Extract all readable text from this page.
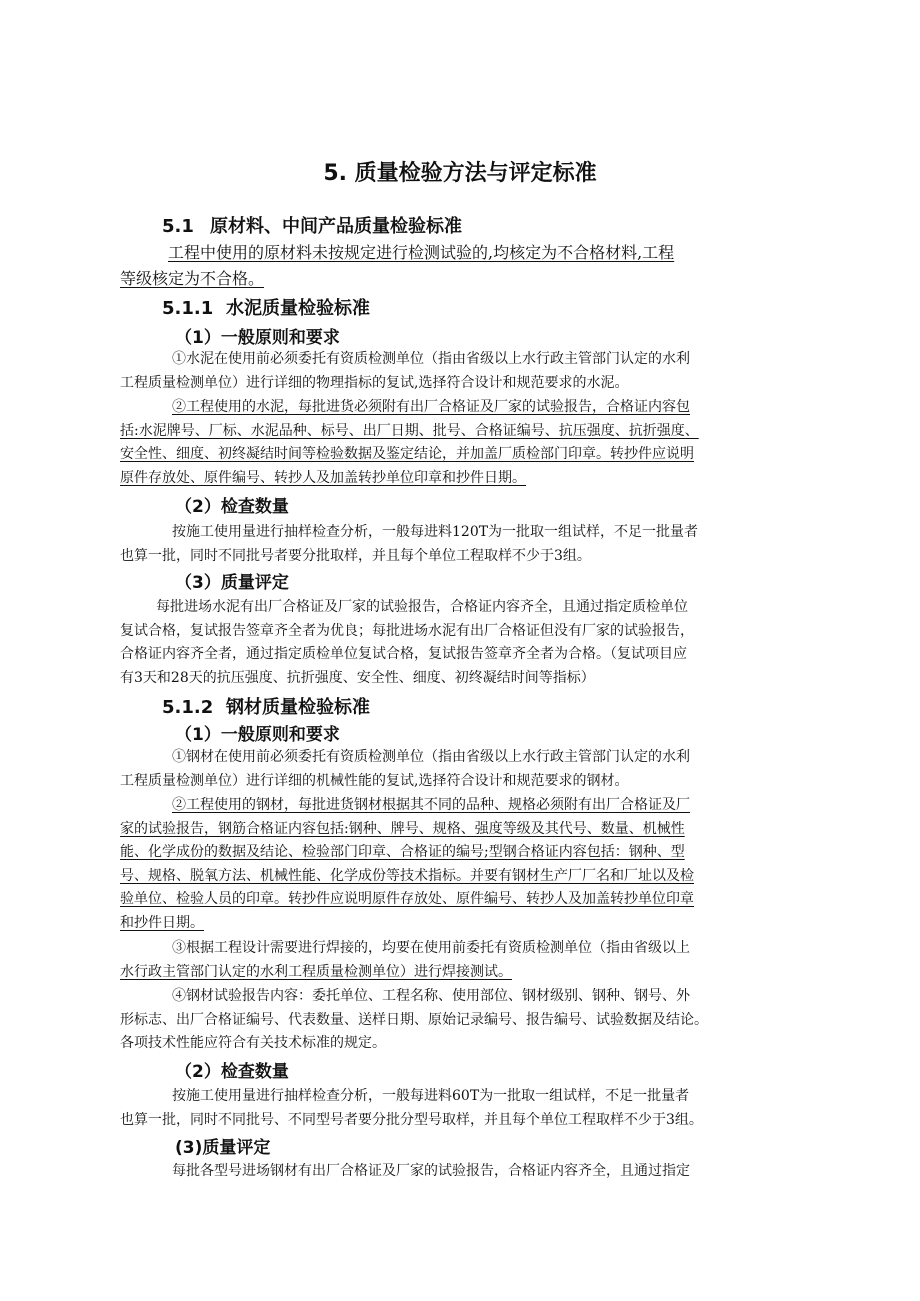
5. 质量检验方法与评定标准
5.1 原材料、中间产品质量检验标准
工程中使用的原材料未按规定进行检测试验的,均核定为不合格材料,工程
等级核定为不合格。
5.1.1 水泥质量检验标准
（1）一般原则和要求
①水泥在使用前必须委托有资质检测单位（指由省级以上水行政主管部门认定的水利
工程质量检测单位）进行详细的物理指标的复试,选择符合设计和规范要求的水泥。
②工程使用的水泥，每批进货必须附有出厂合格证及厂家的试验报告，合格证内容包
括:水泥牌号、厂标、水泥品种、标号、出厂日期、批号、合格证编号、抗压强度、抗折强度、
安全性、细度、初终凝结时间等检验数据及鉴定结论，并加盖厂质检部门印章。转抄件应说明
原件存放处、原件编号、转抄人及加盖转抄单位印章和抄件日期。
（2）检查数量
按施工使用量进行抽样检查分析，一般每进料120T为一批取一组试样，不足一批量者
也算一批，同时不同批号者要分批取样，并且每个单位工程取样不少于3组。
（3）质量评定
每批进场水泥有出厂合格证及厂家的试验报告，合格证内容齐全，且通过指定质检单位
复试合格，复试报告签章齐全者为优良；每批进场水泥有出厂合格证但没有厂家的试验报告，
合格证内容齐全者，通过指定质检单位复试合格，复试报告签章齐全者为合格。（复试项目应
有3天和28天的抗压强度、抗折强度、安全性、细度、初终凝结时间等指标）
5.1.2 钢材质量检验标准
（1）一般原则和要求
①钢材在使用前必须委托有资质检测单位（指由省级以上水行政主管部门认定的水利
工程质量检测单位）进行详细的机械性能的复试,选择符合设计和规范要求的钢材。
②工程使用的钢材，每批进货钢材根据其不同的品种、规格必须附有出厂合格证及厂
家的试验报告，钢筋合格证内容包括:钢种、牌号、规格、强度等级及其代号、数量、机械性
能、化学成份的数据及结论、检验部门印章、合格证的编号;型钢合格证内容包括：钢种、型
号、规格、脱氧方法、机械性能、化学成份等技术指标。并要有钢材生产厂厂名和厂址以及检
验单位、检验人员的印章。转抄件应说明原件存放处、原件编号、转抄人及加盖转抄单位印章
和抄件日期。
③根据工程设计需要进行焊接的，均要在使用前委托有资质检测单位（指由省级以上
水行政主管部门认定的水利工程质量检测单位）进行焊接测试。
④钢材试验报告内容：委托单位、工程名称、使用部位、钢材级别、钢种、钢号、外
形标志、出厂合格证编号、代表数量、送样日期、原始记录编号、报告编号、试验数据及结论。
各项技术性能应符合有关技术标准的规定。
（2）检查数量
按施工使用量进行抽样检查分析，一般每进料60T为一批取一组试样，不足一批量者
也算一批，同时不同批号、不同型号者要分批分型号取样，并且每个单位工程取样不少于3组。
(3)质量评定
每批各型号进场钢材有出厂合格证及厂家的试验报告，合格证内容齐全，且通过指定
